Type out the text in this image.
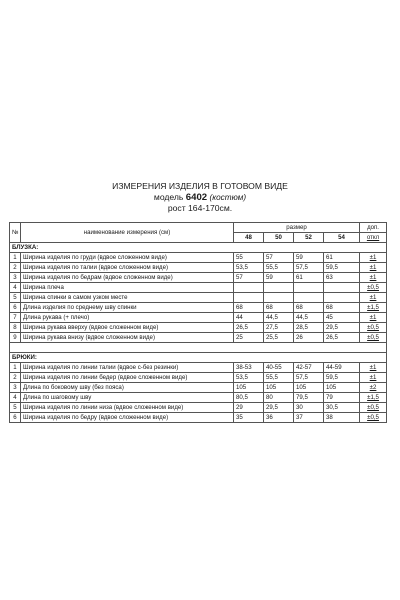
ИЗМЕРЕНИЯ ИЗДЕЛИЯ В ГОТОВОМ ВИДЕ
модель 6402 (костюм)
рост 164-170см.
№	наименование измерения (см)	размер				доп.
		48	50	52	54	откл
БЛУЗКА:						
1	Ширина изделия по груди (вдвое сложенном виде)	55	57	59	61	±1
2	Ширина изделия по талии (вдвое сложенном виде)	53,5	55,5	57,5	59,5	±1
3	Ширина изделия по бедрам (вдвое сложенном виде)	57	59	61	63	±1
4	Ширина плеча					±0,5
5	Ширина спинки в самом узком месте					±1
6	Длина изделия по среднему шву спинки	68	68	68	68	±1,5
7	Длина рукава (+ плечо)	44	44,5	44,5	45	±1
8	Ширина рукава вверху (вдвое сложенном виде)	26,5	27,5	28,5	29,5	±0,5
9	Ширина рукава внизу (вдвое сложенном виде)	25	25,5	26	26,5	±0,5

БРЮКИ:						
1	Ширина изделия по линии талии (вдвое с-без резинки)	38-53	40-55	42-57	44-59	±1
2	Ширина изделия по линии бедер (вдвое сложенном виде)	53,5	55,5	57,5	59,5	±1
3	Длина по боковому шву (без пояса)	105	105	105	105	±2
4	Длина по шаговому шву	80,5	80	79,5	79	±1,5
5	Ширина изделия по линии низа (вдвое сложенном виде)	29	29,5	30	30,5	±0,5
6	Ширина изделия по бедру (вдвое сложенном виде)	35	36	37	38	±0,5
